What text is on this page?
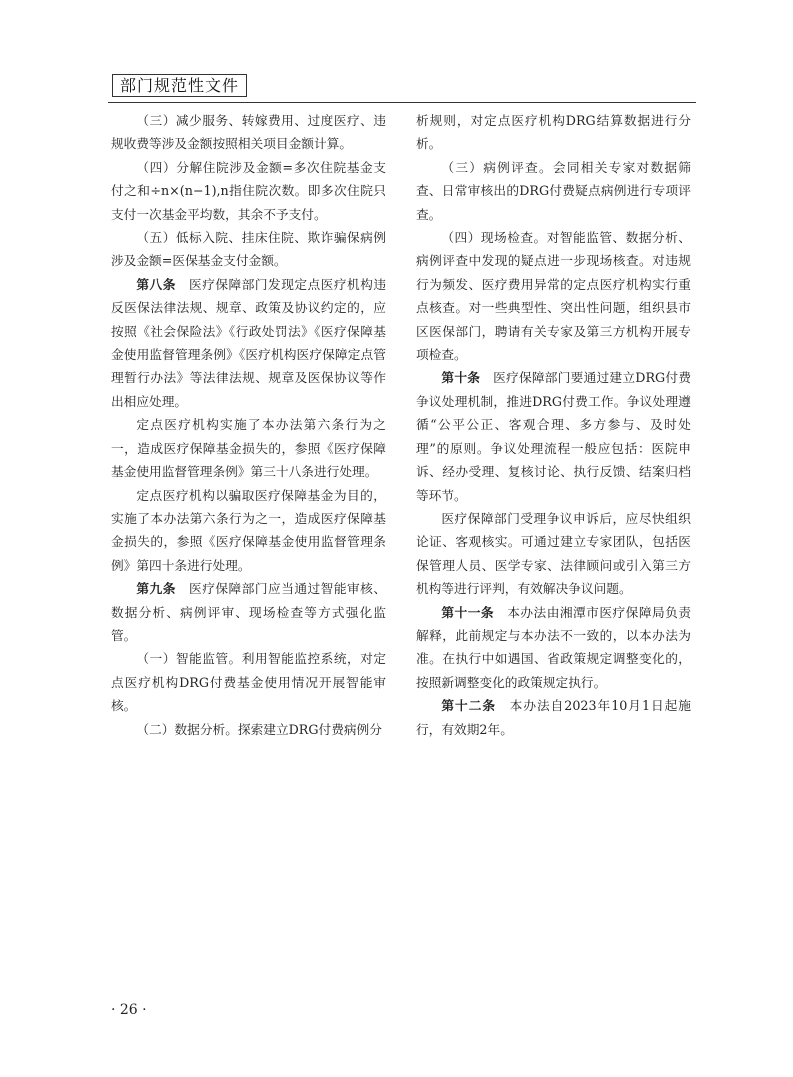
部门规范性文件

（三）减少服务、转嫁费用、过度医疗、违规收费等涉及金额按照相关项目金额计算。

（四）分解住院涉及金额=多次住院基金支付之和÷n×(n−1),n指住院次数。即多次住院只支付一次基金平均数，其余不予支付。

（五）低标入院、挂床住院、欺诈骗保病例涉及金额=医保基金支付金额。

第八条　医疗保障部门发现定点医疗机构违反医保法律法规、规章、政策及协议约定的，应按照《社会保险法》《行政处罚法》《医疗保障基金使用监督管理条例》《医疗机构医疗保障定点管理暂行办法》等法律法规、规章及医保协议等作出相应处理。

定点医疗机构实施了本办法第六条行为之一，造成医疗保障基金损失的，参照《医疗保障基金使用监督管理条例》第三十八条进行处理。

定点医疗机构以骗取医疗保障基金为目的，实施了本办法第六条行为之一，造成医疗保障基金损失的，参照《医疗保障基金使用监督管理条例》第四十条进行处理。

第九条　医疗保障部门应当通过智能审核、数据分析、病例评审、现场检查等方式强化监管。

（一）智能监管。利用智能监控系统，对定点医疗机构DRG付费基金使用情况开展智能审核。

（二）数据分析。探索建立DRG付费病例分

析规则，对定点医疗机构DRG结算数据进行分析。

（三）病例评查。会同相关专家对数据筛查、日常审核出的DRG付费疑点病例进行专项评查。

（四）现场检查。对智能监管、数据分析、病例评查中发现的疑点进一步现场核查。对违规行为频发、医疗费用异常的定点医疗机构实行重点核查。对一些典型性、突出性问题，组织县市区医保部门，聘请有关专家及第三方机构开展专项检查。

第十条　医疗保障部门要通过建立DRG付费争议处理机制，推进DRG付费工作。争议处理遵循“公平公正、客观合理、多方参与、及时处理”的原则。争议处理流程一般应包括：医院申诉、经办受理、复核讨论、执行反馈、结案归档等环节。

医疗保障部门受理争议申诉后，应尽快组织论证、客观核实。可通过建立专家团队，包括医保管理人员、医学专家、法律顾问或引入第三方机构等进行评判，有效解决争议问题。

第十一条　本办法由湘潭市医疗保障局负责解释，此前规定与本办法不一致的，以本办法为准。在执行中如遇国、省政策规定调整变化的，按照新调整变化的政策规定执行。

第十二条　本办法自2023年10月1日起施行，有效期2年。

· 26 ·
